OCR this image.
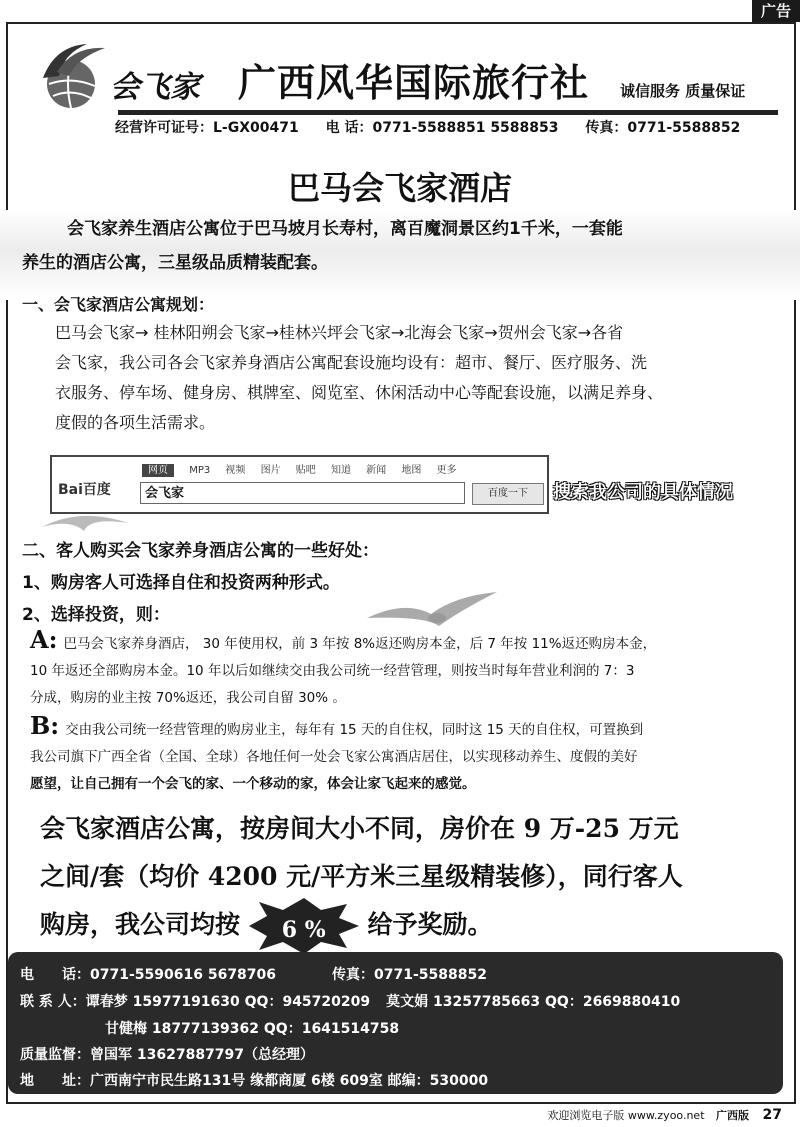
广告
会飞家 广西风华国际旅行社 诚信服务 质量保证
经营许可证号：L-GX00471 电 话：0771-5588851 5588853 传真：0771-5588852
巴马会飞家酒店
会飞家养生酒店公寓位于巴马坡月长寿村，离百魔洞景区约1千米，一套能
养生的酒店公寓，三星级品质精装配套。
一、会飞家酒店公寓规划：
巴马会飞家→ 桂林阳朔会飞家→桂林兴坪会飞家→北海会飞家→贺州会飞家→各省
会飞家，我公司各会飞家养身酒店公寓配套设施均设有：超市、餐厅、医疗服务、洗
衣服务、停车场、健身房、棋牌室、阅览室、休闲活动中心等配套设施，以满足养身、
度假的各项生活需求。
网页 MP3 视频 图片 贴吧 知道 新闻 地图 更多
Bai百度	会飞家	百度一下	搜索我公司的具体情况
二、客人购买会飞家养身酒店公寓的一些好处：
1、购房客人可选择自住和投资两种形式。
2、选择投资，则：
A: 巴马会飞家养身酒店， 30 年使用权，前 3 年按 8%返还购房本金，后 7 年按 11%返还购房本金，
10 年返还全部购房本金。10 年以后如继续交由我公司统一经营管理，则按当时每年营业利润的 7：3
分成，购房的业主按 70%返还，我公司自留 30% 。
B: 交由我公司统一经营管理的购房业主，每年有 15 天的自住权，同时这 15 天的自住权，可置换到
我公司旗下广西全省（全国、全球）各地任何一处会飞家公寓酒店居住，以实现移动养生、度假的美好
愿望，让自己拥有一个会飞的家、一个移动的家，体会让家飞起来的感觉。
会飞家酒店公寓，按房间大小不同，房价在 9 万-25 万元
之间/套（均价 4200 元/平方米三星级精装修），同行客人
购房，我公司均按	6 %	给予奖励。
电　　话：0771-5590616 5678706	传真：0771-5588852
联 系 人：谭春梦 15977191630 QQ：945720209 莫文娟 13257785663 QQ：2669880410
甘健梅 18777139362 QQ：1641514758
质量监督：曾国军 13627887797（总经理）
地　　址：广西南宁市民生路131号 缘都商厦 6楼 609室 邮编：530000
欢迎浏览电子版 www.zyoo.net 广西版 27
